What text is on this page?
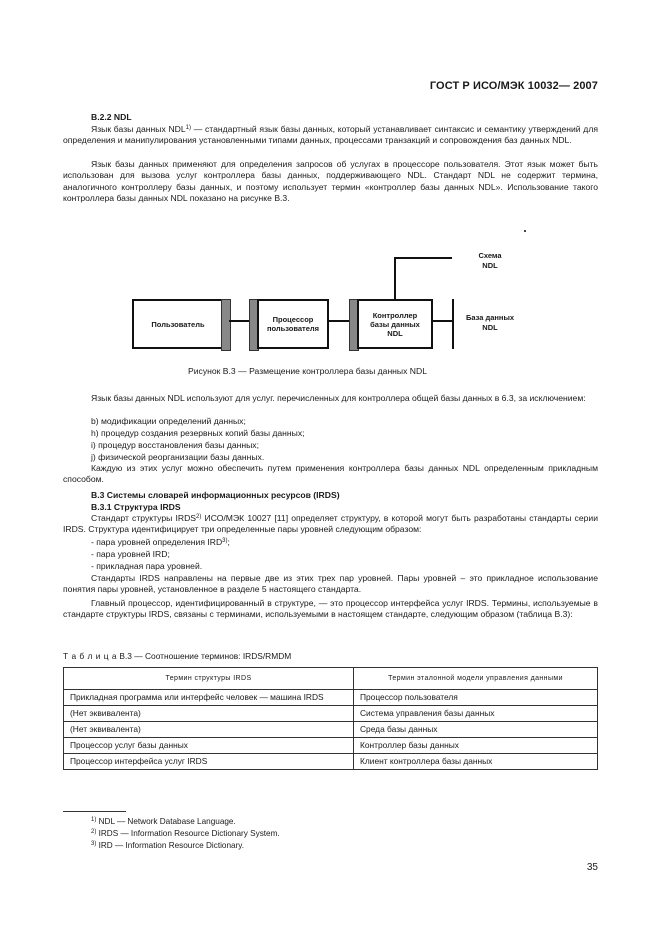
ГОСТ Р ИСО/МЭК 10032— 2007
B.2.2 NDL
Язык базы данных NDL$^{1)}$ — стандартный язык базы данных, который устанавливает синтаксис и семантику утверждений для определения и манипулирования установленными типами данных, процессами транзакций и сопровождения баз данных NDL.
Язык базы данных применяют для определения запросов об услугах в процессоре пользователя. Этот язык может быть использован для вызова услуг контроллера базы данных, поддерживающего NDL. Стандарт NDL не содержит термина, аналогичного контроллеру базы данных, и поэтому использует термин «контроллер базы данных NDL». Использование такого контроллера базы данных NDL показано на рисунке B.3.
Схема
NDL
Пользователь	Процессор
пользователя
Контроллер
базы данных
NDL
База данных
NDL
Рисунок B.3 — Размещение контроллера базы данных NDL
Язык базы данных NDL используют для услуг. перечисленных для контроллера общей базы данных в 6.3, за исключением:
b) модификации определений данных;
h) процедур создания резервных копий базы данных;
i) процедур восстановления базы данных;
j) физической реорганизации базы данных.
Каждую из этих услуг можно обеспечить путем применения контроллера базы данных NDL определенным прикладным способом.
B.3 Системы словарей информационных ресурсов (IRDS)
B.3.1 Структура IRDS
Стандарт структуры IRDS$^{2)}$ ИСО/МЭК 10027 [11] определяет структуру, в которой могут быть разработаны стандарты серии IRDS. Структура идентифицирует три определенные пары уровней следующим образом:
- пара уровней определения IRD$^{3)}$;
- пара уровней IRD;
- прикладная пара уровней.
Стандарты IRDS направлены на первые две из этих трех пар уровней. Пары уровней – это прикладное использование понятия пары уровней, установленное в разделе 5 настоящего стандарта.
Главный процессор, идентифицированный в структуре, — это процессор интерфейса услуг IRDS. Термины, используемые в стандарте структуры IRDS, связаны с терминами, используемыми в настоящем стандарте, следующим образом (таблица B.3):
Т а б л и ц а B.3 — Соотношение терминов: IRDS/RMDM
Термин структуры IRDS	Термин эталонной модели управления данными
Прикладная программа или интерфейс человек — машина IRDS	Процессор пользователя
(Нет эквивалента)	Система управления базы данных
(Нет эквивалента)	Среда базы данных
Процессор услуг базы данных	Контроллер базы данных
Процессор интерфейса услуг IRDS	Клиент контроллера базы данных
$^{1)}$ NDL — Network Database Language.
$^{2)}$ IRDS — Information Resource Dictionary System.
$^{3)}$ IRD — Information Resource Dictionary.
35
